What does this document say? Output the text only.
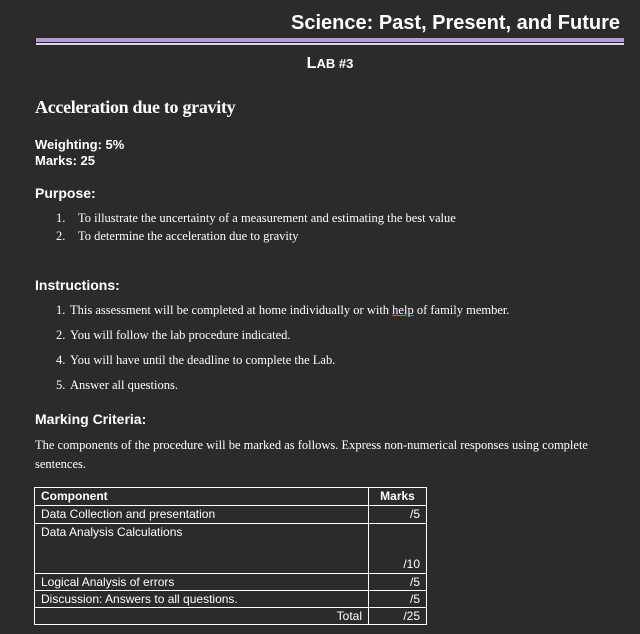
Science: Past, Present, and Future
LAB #3
Acceleration due to gravity
Weighting: 5%
Marks: 25
Purpose:
1. To illustrate the uncertainty of a measurement and estimating the best value
2. To determine the acceleration due to gravity
Instructions:
1. This assessment will be completed at home individually or with help of family member.
2. You will follow the lab procedure indicated.
4. You will have until the deadline to complete the Lab.
5. Answer all questions.
Marking Criteria:
The components of the procedure will be marked as follows. Express non-numerical responses using complete sentences.
Component	Marks
Data Collection and presentation	/5
Data Analysis Calculations	/10
Logical Analysis of errors	/5
Discussion: Answers to all questions.	/5
Total	/25
